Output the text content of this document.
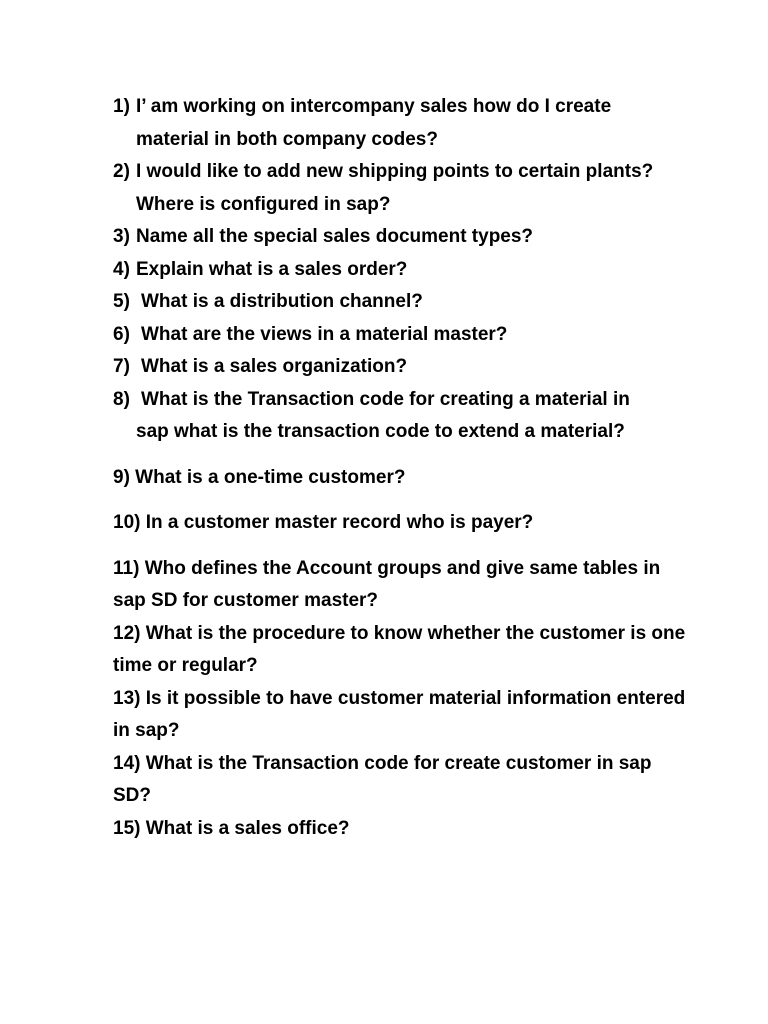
1) I’ am working on intercompany sales how do I create
material in both company codes?
2) I would like to add new shipping points to certain plants?
Where is configured in sap?
3) Name all the special sales document types?
4) Explain what is a sales order?
5) What is a distribution channel?
6) What are the views in a material master?
7) What is a sales organization?
8) What is the Transaction code for creating a material in
sap what is the transaction code to extend a material?
9) What is a one-time customer?
10) In a customer master record who is payer?
11) Who defines the Account groups and give same tables in sap SD for customer master?
12) What is the procedure to know whether the customer is one time or regular?
13) Is it possible to have customer material information entered in sap?
14) What is the Transaction code for create customer in sap SD?
15) What is a sales office?
